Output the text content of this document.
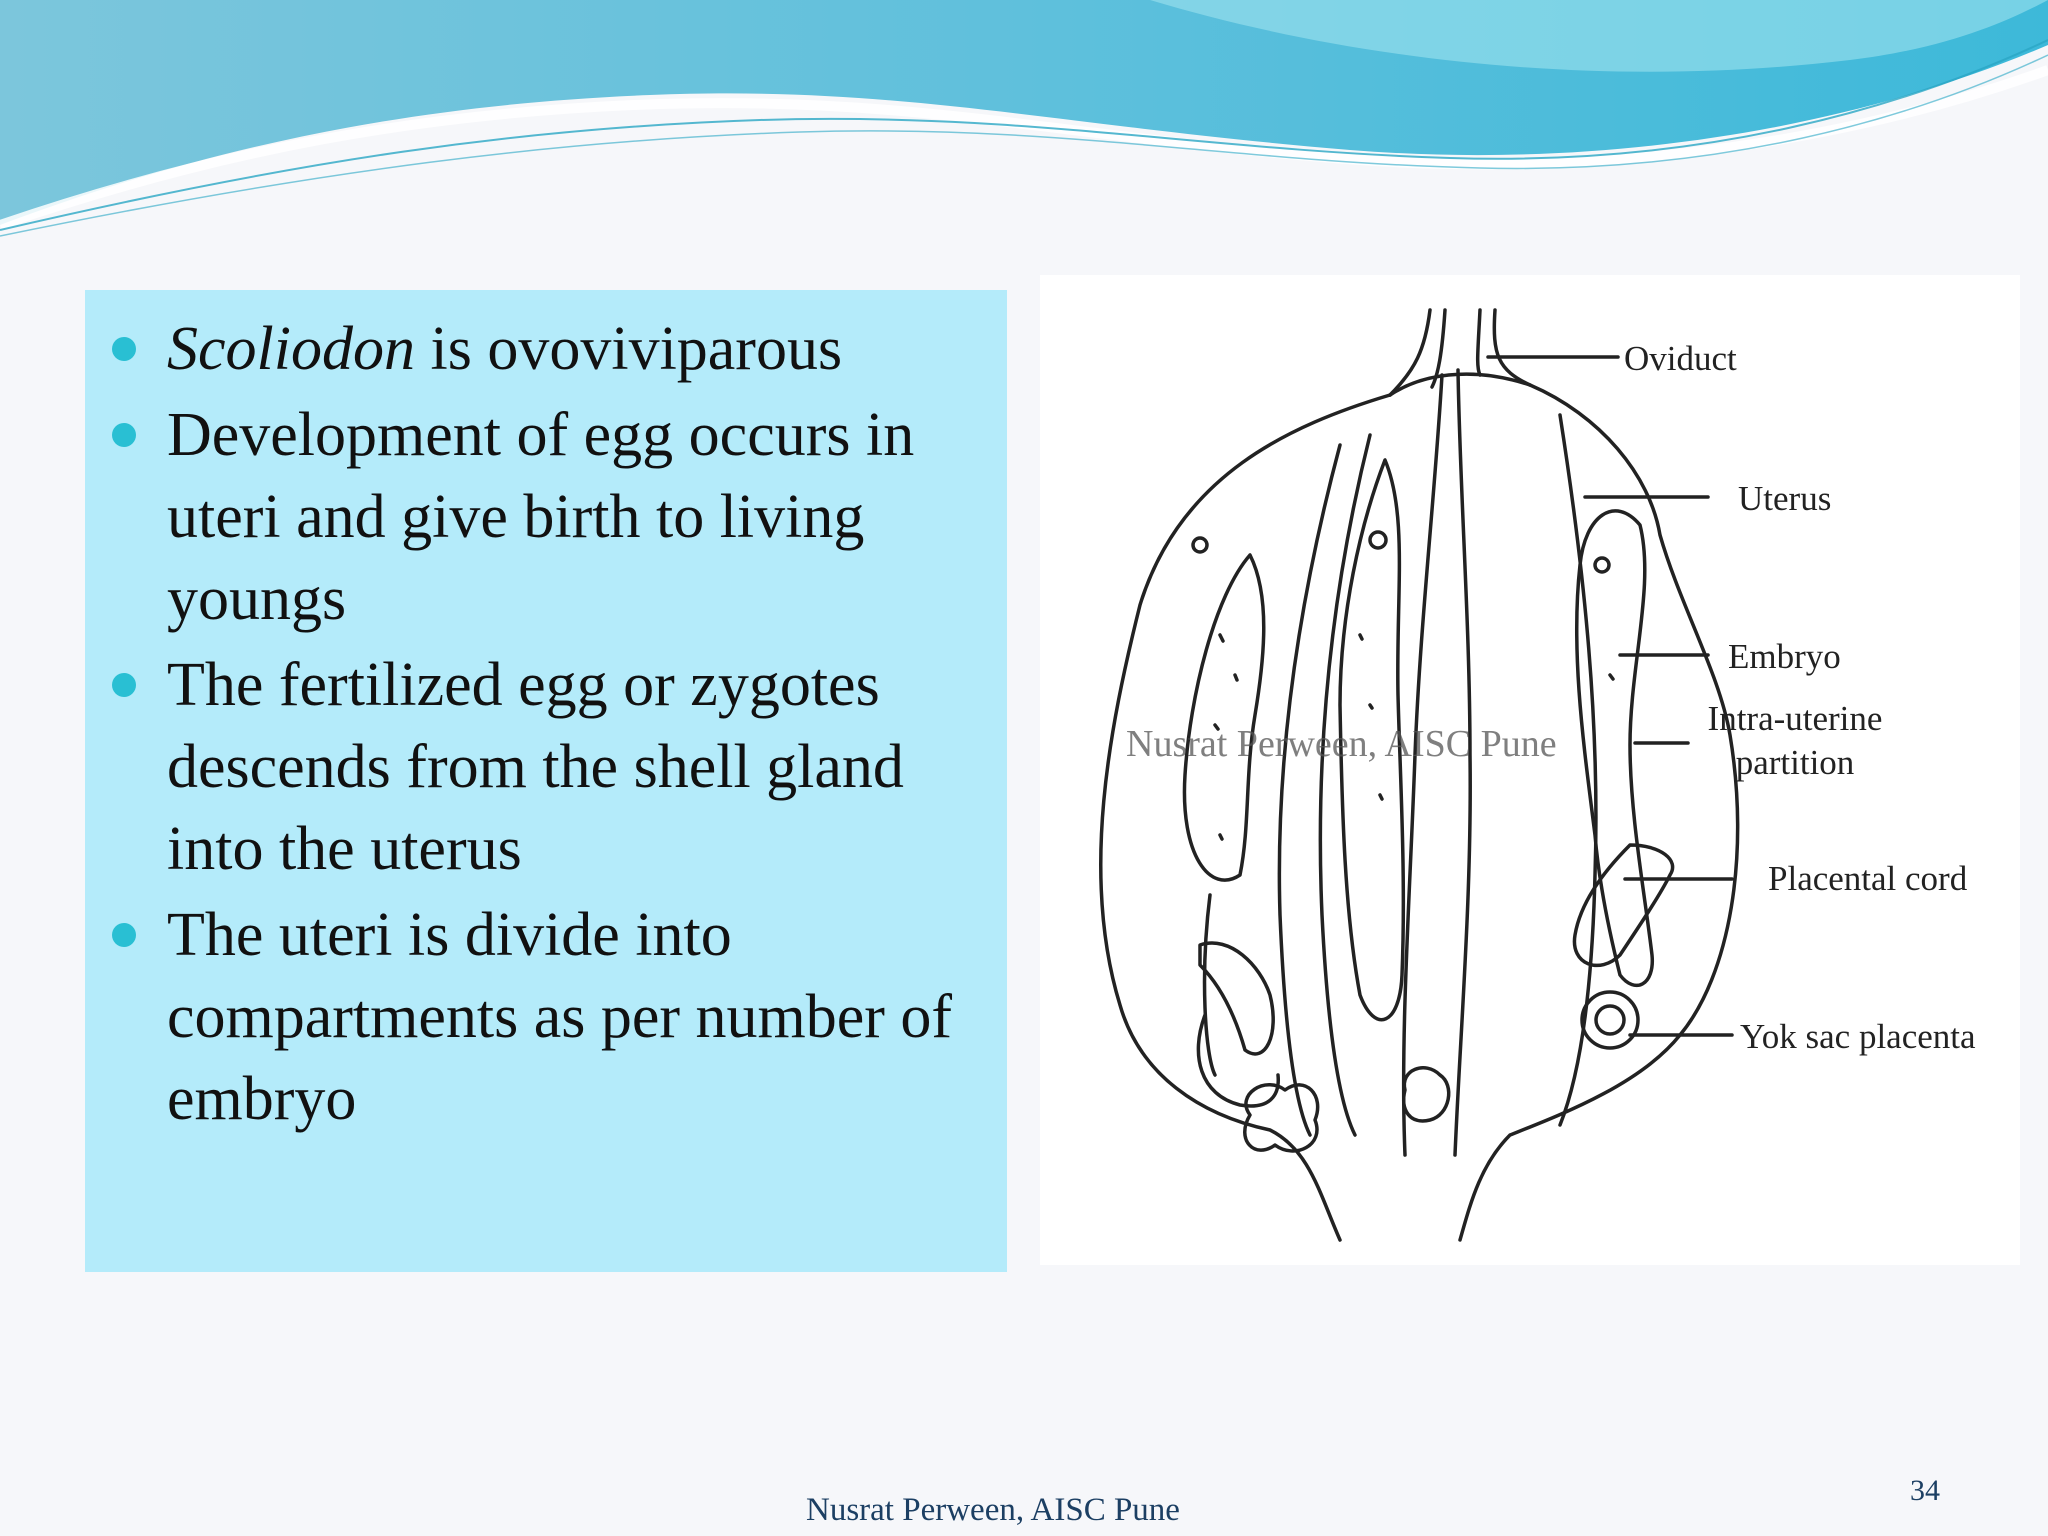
Scoliodon is ovoviviparous
Development of egg occurs in uteri and give birth to living youngs
The fertilized egg or zygotes descends from the shell gland into the uterus
The uteri is divide into compartments as per number of embryo
Oviduct
Uterus
Embryo
Intra-uterine
partition
Placental cord
Yok sac placenta
Nusrat Perween, AISC Pune
Nusrat Perween, AISC Pune
34
